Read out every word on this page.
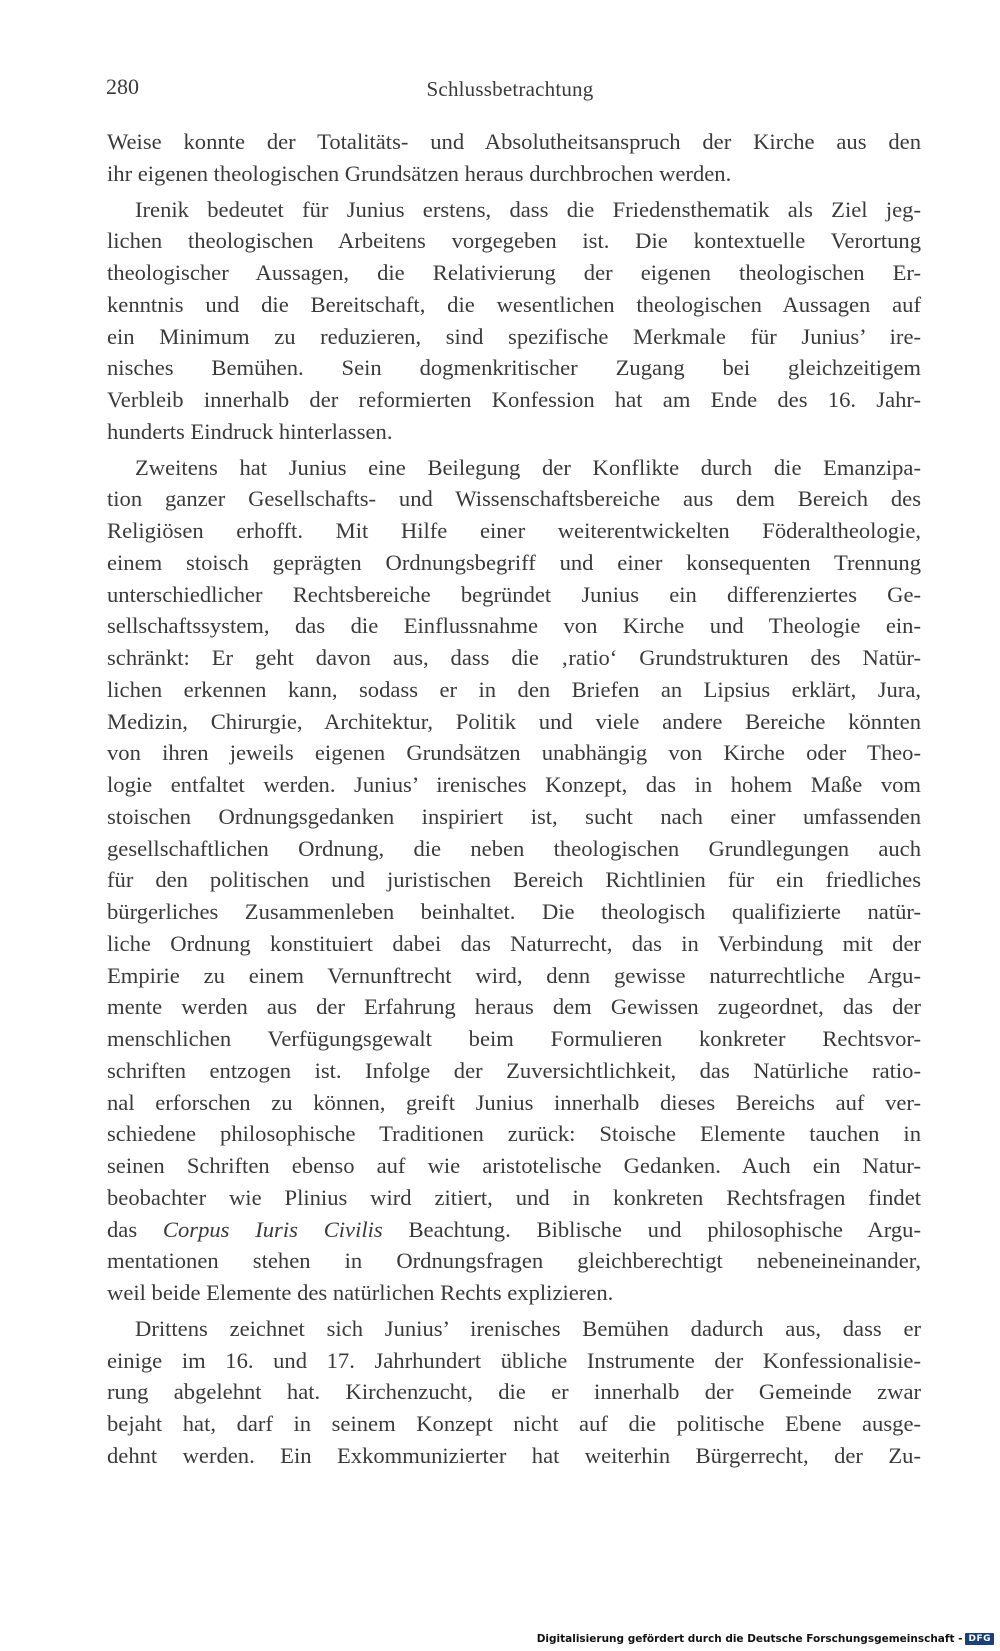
280	Schlussbetrachtung
Weise konnte der Totalitäts- und Absolutheitsanspruch der Kirche aus den
ihr eigenen theologischen Grundsätzen heraus durchbrochen werden.
Irenik bedeutet für Junius erstens, dass die Friedensthematik als Ziel jeg-
lichen theologischen Arbeitens vorgegeben ist. Die kontextuelle Verortung
theologischer Aussagen, die Relativierung der eigenen theologischen Er-
kenntnis und die Bereitschaft, die wesentlichen theologischen Aussagen auf
ein Minimum zu reduzieren, sind spezifische Merkmale für Junius’ ire-
nisches Bemühen. Sein dogmenkritischer Zugang bei gleichzeitigem
Verbleib innerhalb der reformierten Konfession hat am Ende des 16. Jahr-
hunderts Eindruck hinterlassen.
Zweitens hat Junius eine Beilegung der Konflikte durch die Emanzipa-
tion ganzer Gesellschafts- und Wissenschaftsbereiche aus dem Bereich des
Religiösen erhofft. Mit Hilfe einer weiterentwickelten Föderaltheologie,
einem stoisch geprägten Ordnungsbegriff und einer konsequenten Trennung
unterschiedlicher Rechtsbereiche begründet Junius ein differenziertes Ge-
sellschaftssystem, das die Einflussnahme von Kirche und Theologie ein-
schränkt: Er geht davon aus, dass die ‚ratio‘ Grundstrukturen des Natür-
lichen erkennen kann, sodass er in den Briefen an Lipsius erklärt, Jura,
Medizin, Chirurgie, Architektur, Politik und viele andere Bereiche könnten
von ihren jeweils eigenen Grundsätzen unabhängig von Kirche oder Theo-
logie entfaltet werden. Junius’ irenisches Konzept, das in hohem Maße vom
stoischen Ordnungsgedanken inspiriert ist, sucht nach einer umfassenden
gesellschaftlichen Ordnung, die neben theologischen Grundlegungen auch
für den politischen und juristischen Bereich Richtlinien für ein friedliches
bürgerliches Zusammenleben beinhaltet. Die theologisch qualifizierte natür-
liche Ordnung konstituiert dabei das Naturrecht, das in Verbindung mit der
Empirie zu einem Vernunftrecht wird, denn gewisse naturrechtliche Argu-
mente werden aus der Erfahrung heraus dem Gewissen zugeordnet, das der
menschlichen Verfügungsgewalt beim Formulieren konkreter Rechtsvor-
schriften entzogen ist. Infolge der Zuversichtlichkeit, das Natürliche ratio-
nal erforschen zu können, greift Junius innerhalb dieses Bereichs auf ver-
schiedene philosophische Traditionen zurück: Stoische Elemente tauchen in
seinen Schriften ebenso auf wie aristotelische Gedanken. Auch ein Natur-
beobachter wie Plinius wird zitiert, und in konkreten Rechtsfragen findet
das Corpus Iuris Civilis Beachtung. Biblische und philosophische Argu-
mentationen stehen in Ordnungsfragen gleichberechtigt nebeneineinander,
weil beide Elemente des natürlichen Rechts explizieren.
Drittens zeichnet sich Junius’ irenisches Bemühen dadurch aus, dass er
einige im 16. und 17. Jahrhundert übliche Instrumente der Konfessionalisie-
rung abgelehnt hat. Kirchenzucht, die er innerhalb der Gemeinde zwar
bejaht hat, darf in seinem Konzept nicht auf die politische Ebene ausge-
dehnt werden. Ein Exkommunizierter hat weiterhin Bürgerrecht, der Zu-
Digitalisierung gefördert durch die Deutsche Forschungsgemeinschaft - DFG
